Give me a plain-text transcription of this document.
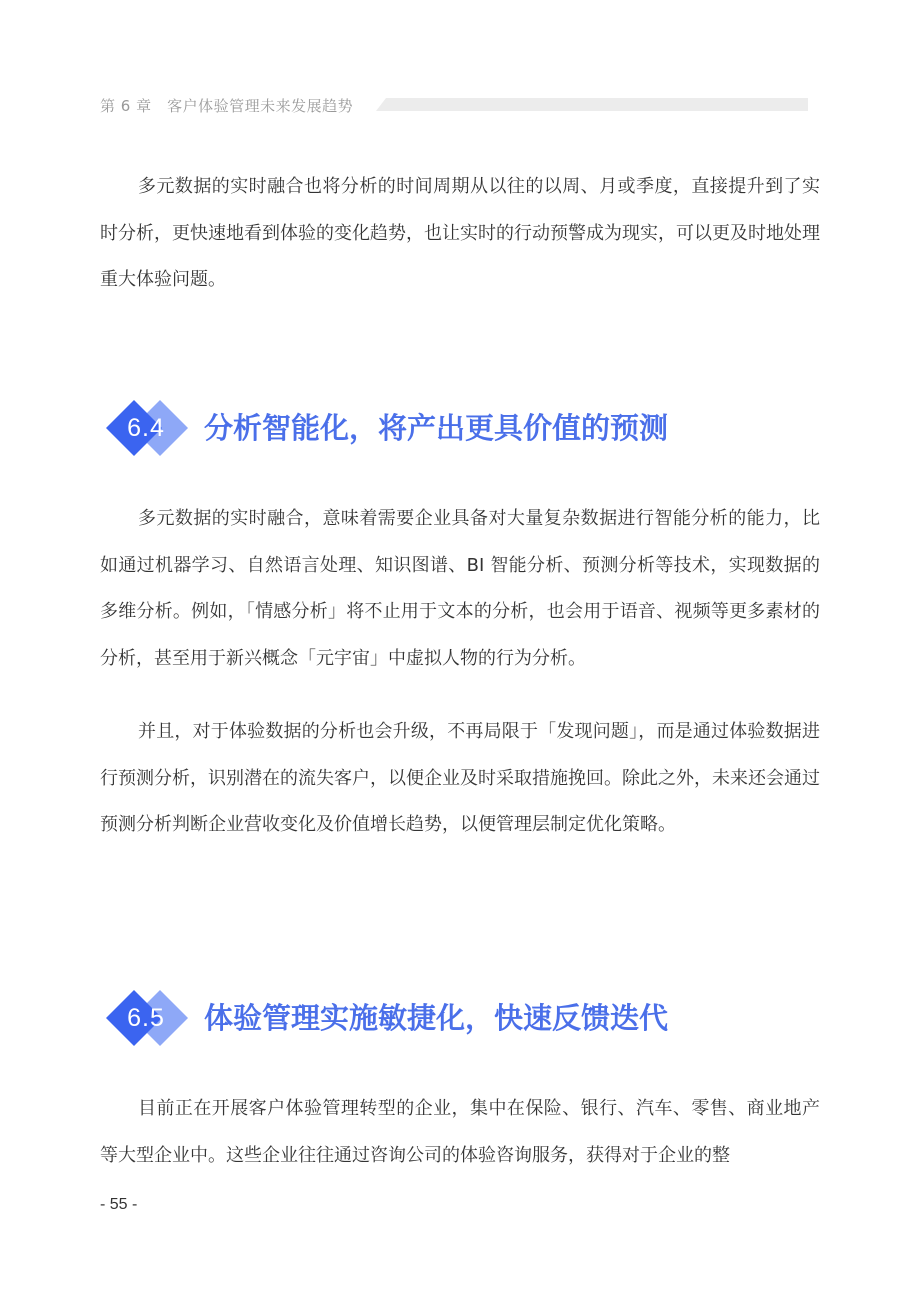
第 6 章　客户体验管理未来发展趋势

多元数据的实时融合也将分析的时间周期从以往的以周、月或季度，直接提升到了实时分析，更快速地看到体验的变化趋势，也让实时的行动预警成为现实，可以更及时地处理重大体验问题。

6.4	分析智能化，将产出更具价值的预测

多元数据的实时融合，意味着需要企业具备对大量复杂数据进行智能分析的能力，比如通过机器学习、自然语言处理、知识图谱、BI 智能分析、预测分析等技术，实现数据的多维分析。例如，「情感分析」将不止用于文本的分析，也会用于语音、视频等更多素材的分析，甚至用于新兴概念「元宇宙」中虚拟人物的行为分析。

并且，对于体验数据的分析也会升级，不再局限于「发现问题」，而是通过体验数据进行预测分析，识别潜在的流失客户，以便企业及时采取措施挽回。除此之外，未来还会通过预测分析判断企业营收变化及价值增长趋势，以便管理层制定优化策略。

6.5	体验管理实施敏捷化，快速反馈迭代

目前正在开展客户体验管理转型的企业，集中在保险、银行、汽车、零售、商业地产等大型企业中。这些企业往往通过咨询公司的体验咨询服务，获得对于企业的整

- 55 -
